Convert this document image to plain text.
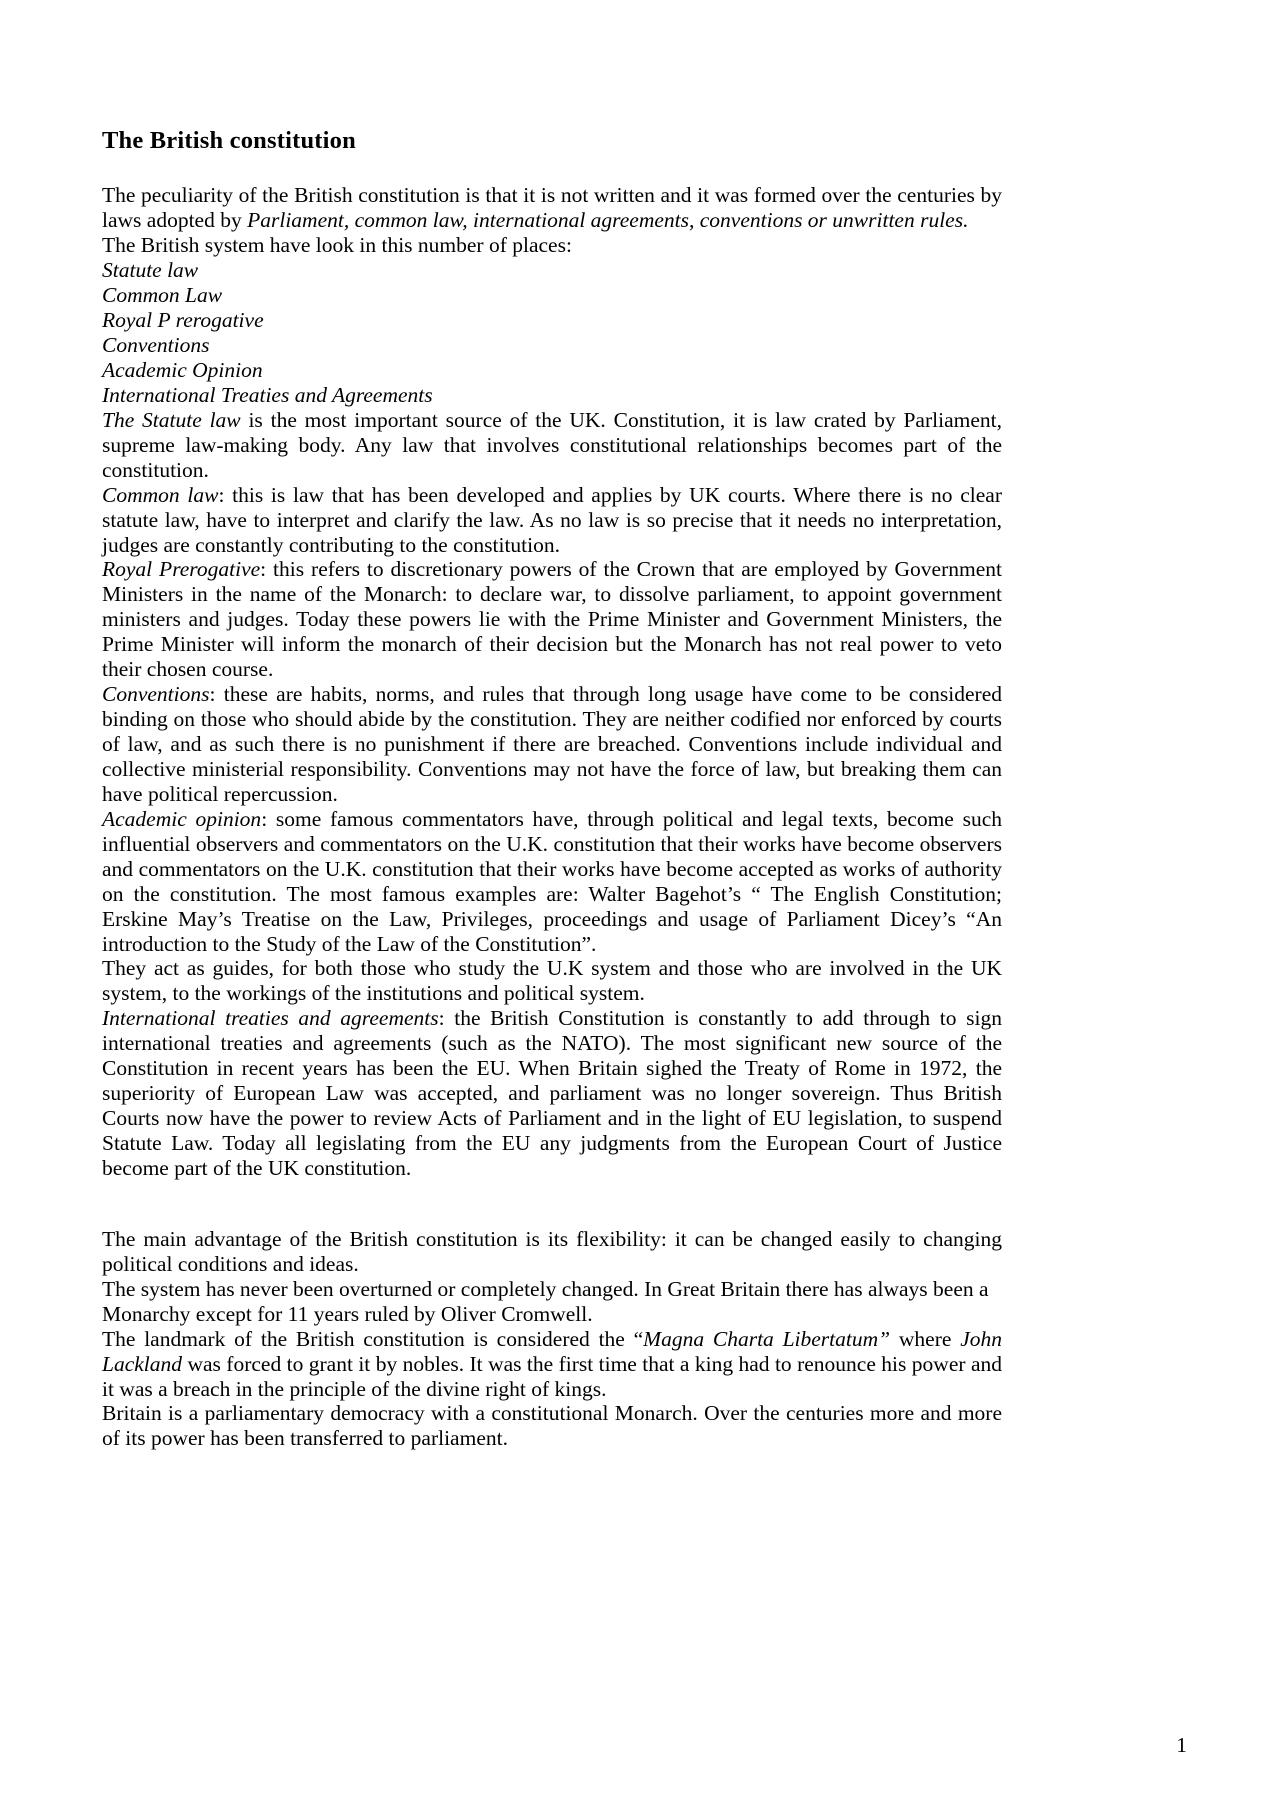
The British constitution

The peculiarity of the British constitution is that it is not written and it was formed over the centuries by laws adopted by Parliament, common law, international agreements, conventions or unwritten rules.

The British system have look in this number of places:

Statute law

Common Law

Royal P rerogative

Conventions

Academic Opinion

International Treaties and Agreements

The Statute law is the most important source of the UK. Constitution, it is law crated by Parliament, supreme law-making body. Any law that involves constitutional relationships becomes part of the constitution.

Common law: this is law that has been developed and applies by UK courts. Where there is no clear statute law, have to interpret and clarify the law. As no law is so precise that it needs no interpretation, judges are constantly contributing to the constitution.

Royal Prerogative: this refers to discretionary powers of the Crown that are employed by Government Ministers in the name of the Monarch: to declare war, to dissolve parliament, to appoint government ministers and judges. Today these powers lie with the Prime Minister and Government Ministers, the Prime Minister will inform the monarch of their decision but the Monarch has not real power to veto their chosen course.

Conventions: these are habits, norms, and rules that through long usage have come to be considered binding on those who should abide by the constitution. They are neither codified nor enforced by courts of law, and as such there is no punishment if there are breached. Conventions include individual and collective ministerial responsibility. Conventions may not have the force of law, but breaking them can have political repercussion.

Academic opinion: some famous commentators have, through political and legal texts, become such influential observers and commentators on the U.K. constitution that their works have become observers and commentators on the U.K. constitution that their works have become accepted as works of authority on the constitution. The most famous examples are: Walter Bagehot’s “ The English Constitution; Erskine May’s Treatise on the Law, Privileges, proceedings and usage of Parliament Dicey’s “An introduction to the Study of the Law of the Constitution”.

They act as guides, for both those who study the U.K system and those who are involved in the UK system, to the workings of the institutions and political system.

International treaties and agreements: the British Constitution is constantly to add through to sign international treaties and agreements (such as the NATO). The most significant new source of the Constitution in recent years has been the EU. When Britain sighed the Treaty of Rome in 1972, the superiority of European Law was accepted, and parliament was no longer sovereign. Thus British Courts now have the power to review Acts of Parliament and in the light of EU legislation, to suspend Statute Law. Today all legislating from the EU any judgments from the European Court of Justice become part of the UK constitution.

The main advantage of the British constitution is its flexibility: it can be changed easily to changing political conditions and ideas.

The system has never been overturned or completely changed. In Great Britain there has always been a Monarchy except for 11 years ruled by Oliver Cromwell.

The landmark of the British constitution is considered the “Magna Charta Libertatum” where John Lackland was forced to grant it by nobles. It was the first time that a king had to renounce his power and it was a breach in the principle of the divine right of kings.

Britain is a parliamentary democracy with a constitutional Monarch. Over the centuries more and more of its power has been transferred to parliament.

1
